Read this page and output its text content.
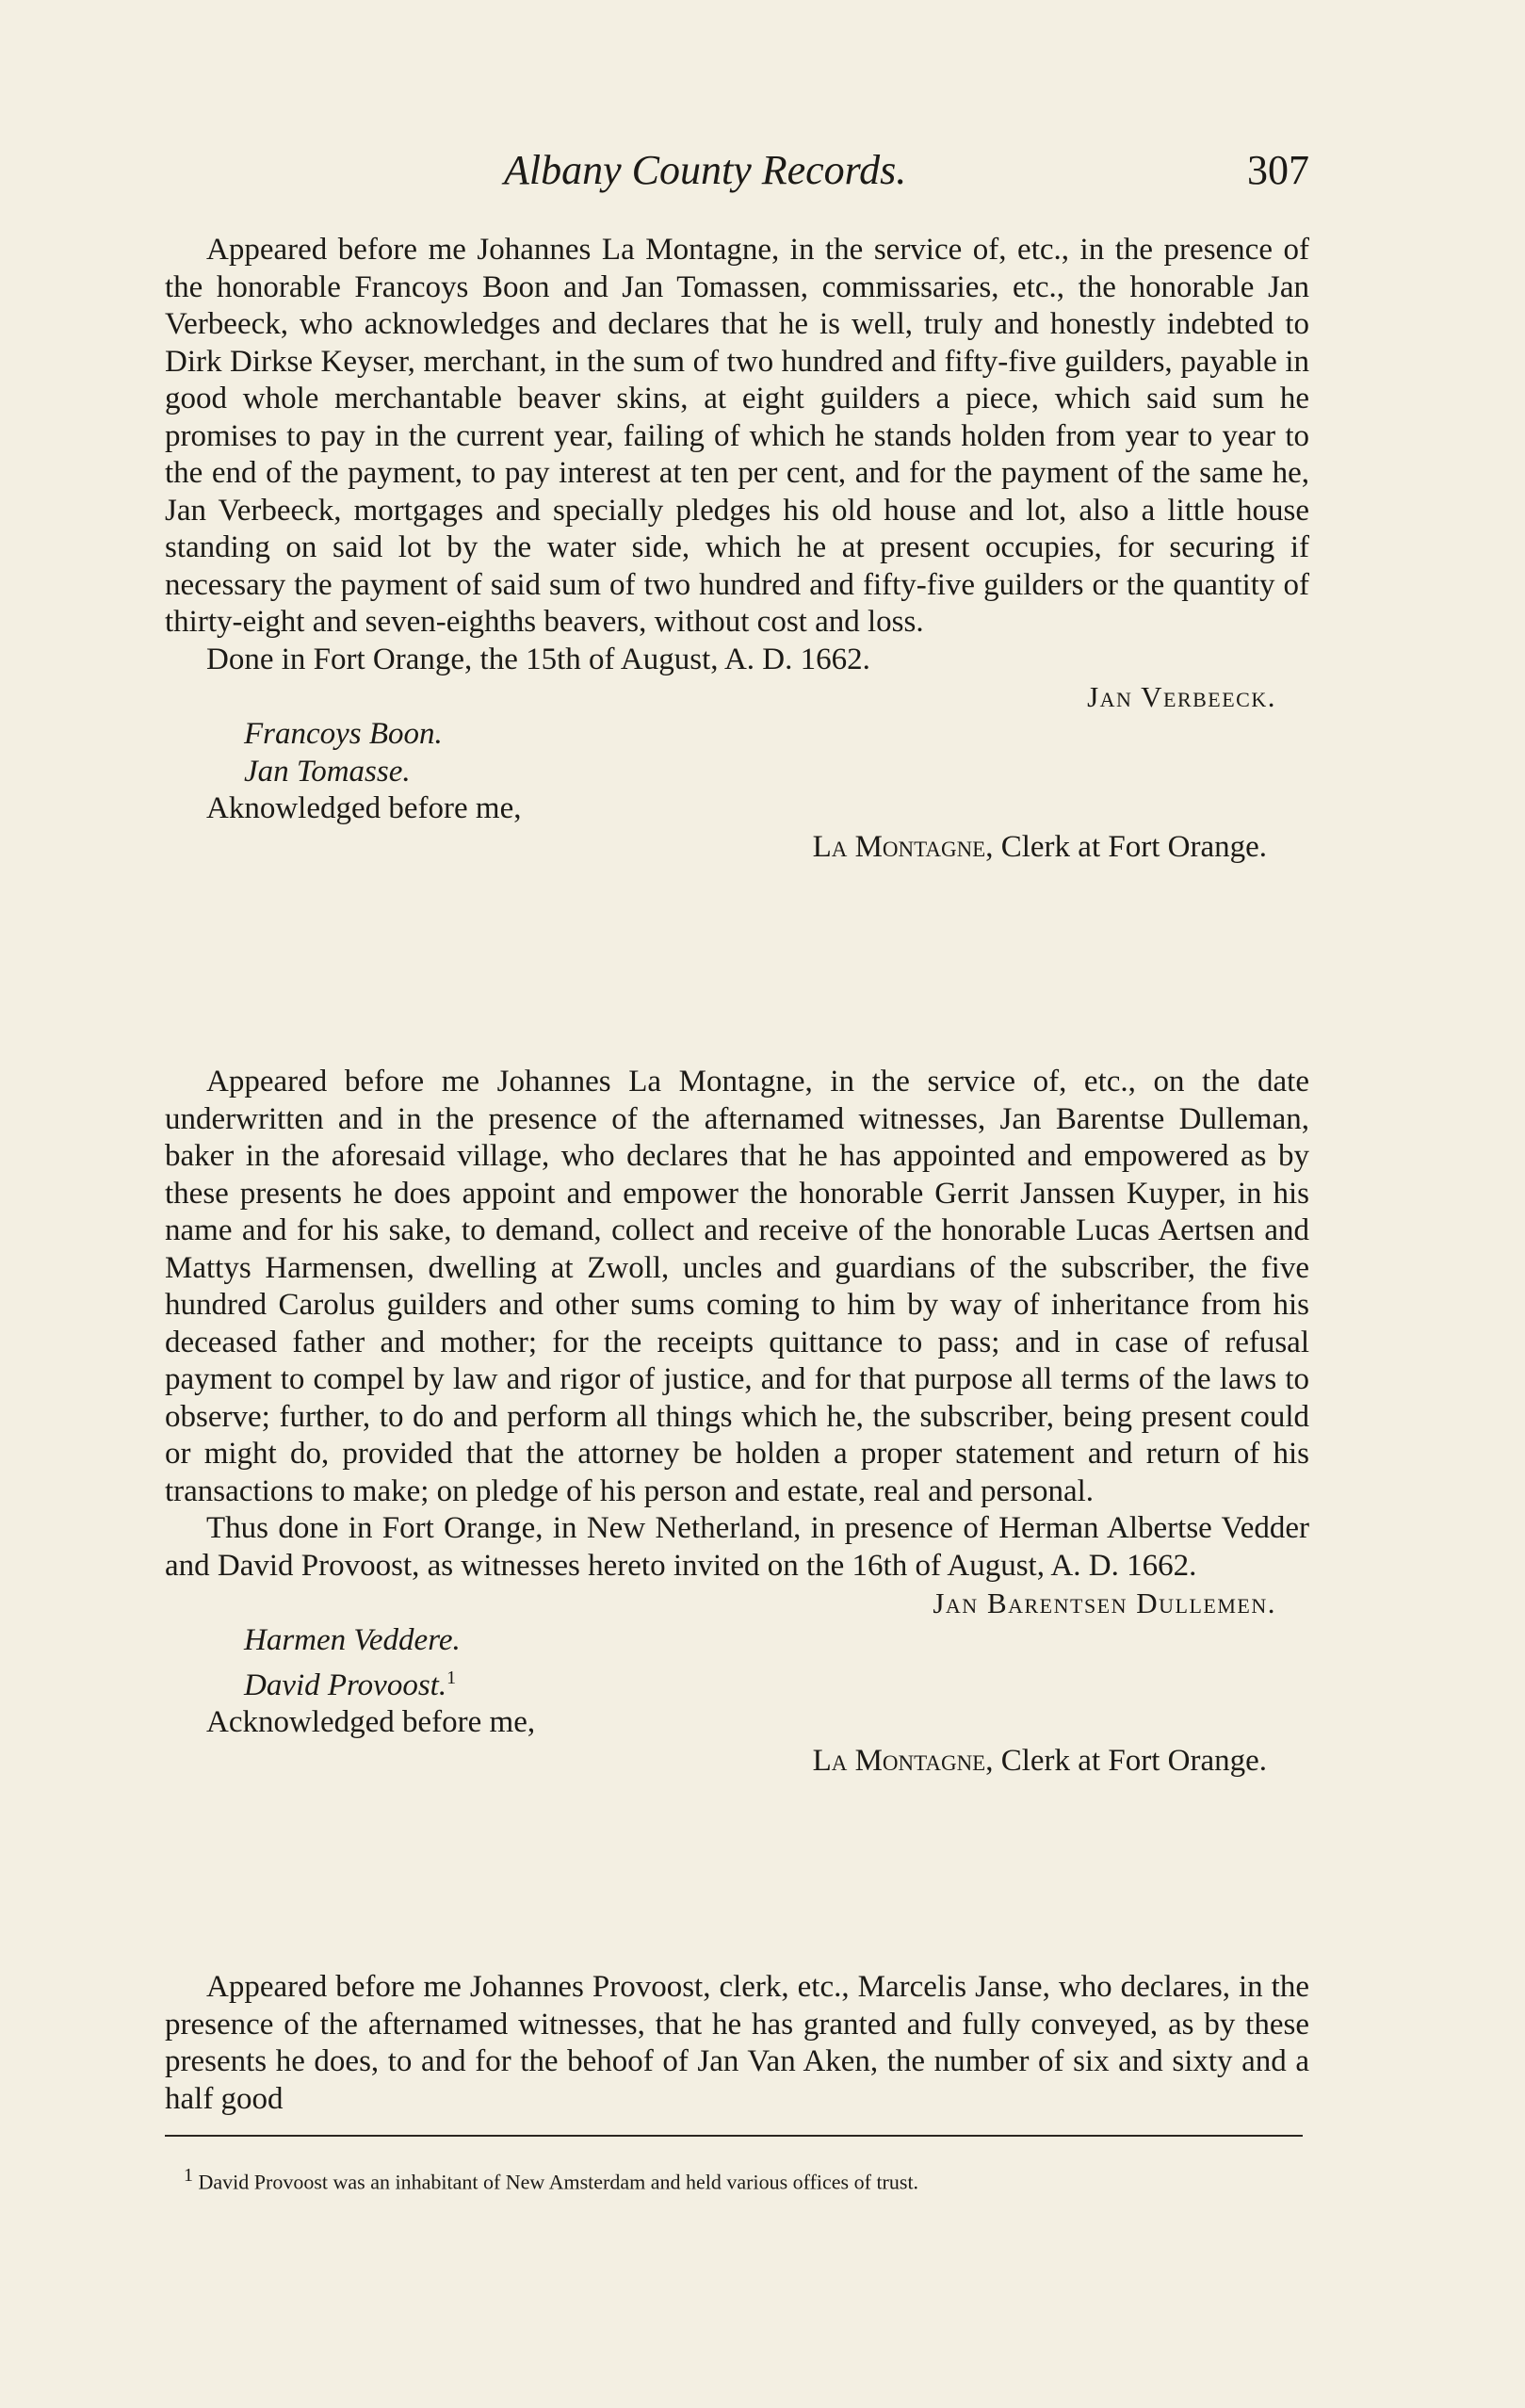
Albany County Records.	307

Appeared before me Johannes La Montagne, in the service of, etc., in the presence of the honorable Francoys Boon and Jan Tomassen, commissaries, etc., the honorable Jan Verbeeck, who acknowledges and declares that he is well, truly and honestly indebted to Dirk Dirkse Keyser, merchant, in the sum of two hundred and fifty-five guilders, payable in good whole merchantable beaver skins, at eight guilders a piece, which said sum he promises to pay in the current year, failing of which he stands holden from year to year to the end of the payment, to pay interest at ten per cent, and for the payment of the same he, Jan Verbeeck, mortgages and specially pledges his old house and lot, also a little house standing on said lot by the water side, which he at present occupies, for securing if necessary the payment of said sum of two hundred and fifty-five guilders or the quantity of thirty-eight and seven-eighths beavers, without cost and loss.

Done in Fort Orange, the 15th of August, A. D. 1662.

Jan Verbeeck.
Francoys Boon.
Jan Tomasse.
Aknowledged before me,
La Montagne, Clerk at Fort Orange.

Appeared before me Johannes La Montagne, in the service of, etc., on the date underwritten and in the presence of the afternamed witnesses, Jan Barentse Dulleman, baker in the aforesaid village, who declares that he has appointed and empowered as by these presents he does appoint and empower the honorable Gerrit Janssen Kuyper, in his name and for his sake, to demand, collect and receive of the honorable Lucas Aertsen and Mattys Harmensen, dwelling at Zwoll, uncles and guardians of the subscriber, the five hundred Carolus guilders and other sums coming to him by way of inheritance from his deceased father and mother; for the receipts quittance to pass; and in case of refusal payment to compel by law and rigor of justice, and for that purpose all terms of the laws to observe; further, to do and perform all things which he, the subscriber, being present could or might do, provided that the attorney be holden a proper statement and return of his transactions to make; on pledge of his person and estate, real and personal.

Thus done in Fort Orange, in New Netherland, in presence of Herman Albertse Vedder and David Provoost, as witnesses hereto invited on the 16th of August, A. D. 1662.

Jan Barentsen Dullemen.
Harmen Veddere.
David Provoost.$^1$
Acknowledged before me,
La Montagne, Clerk at Fort Orange.

Appeared before me Johannes Provoost, clerk, etc., Marcelis Janse, who declares, in the presence of the afternamed witnesses, that he has granted and fully conveyed, as by these presents he does, to and for the behoof of Jan Van Aken, the number of six and sixty and a half good

1 David Provoost was an inhabitant of New Amsterdam and held various offices of trust.
